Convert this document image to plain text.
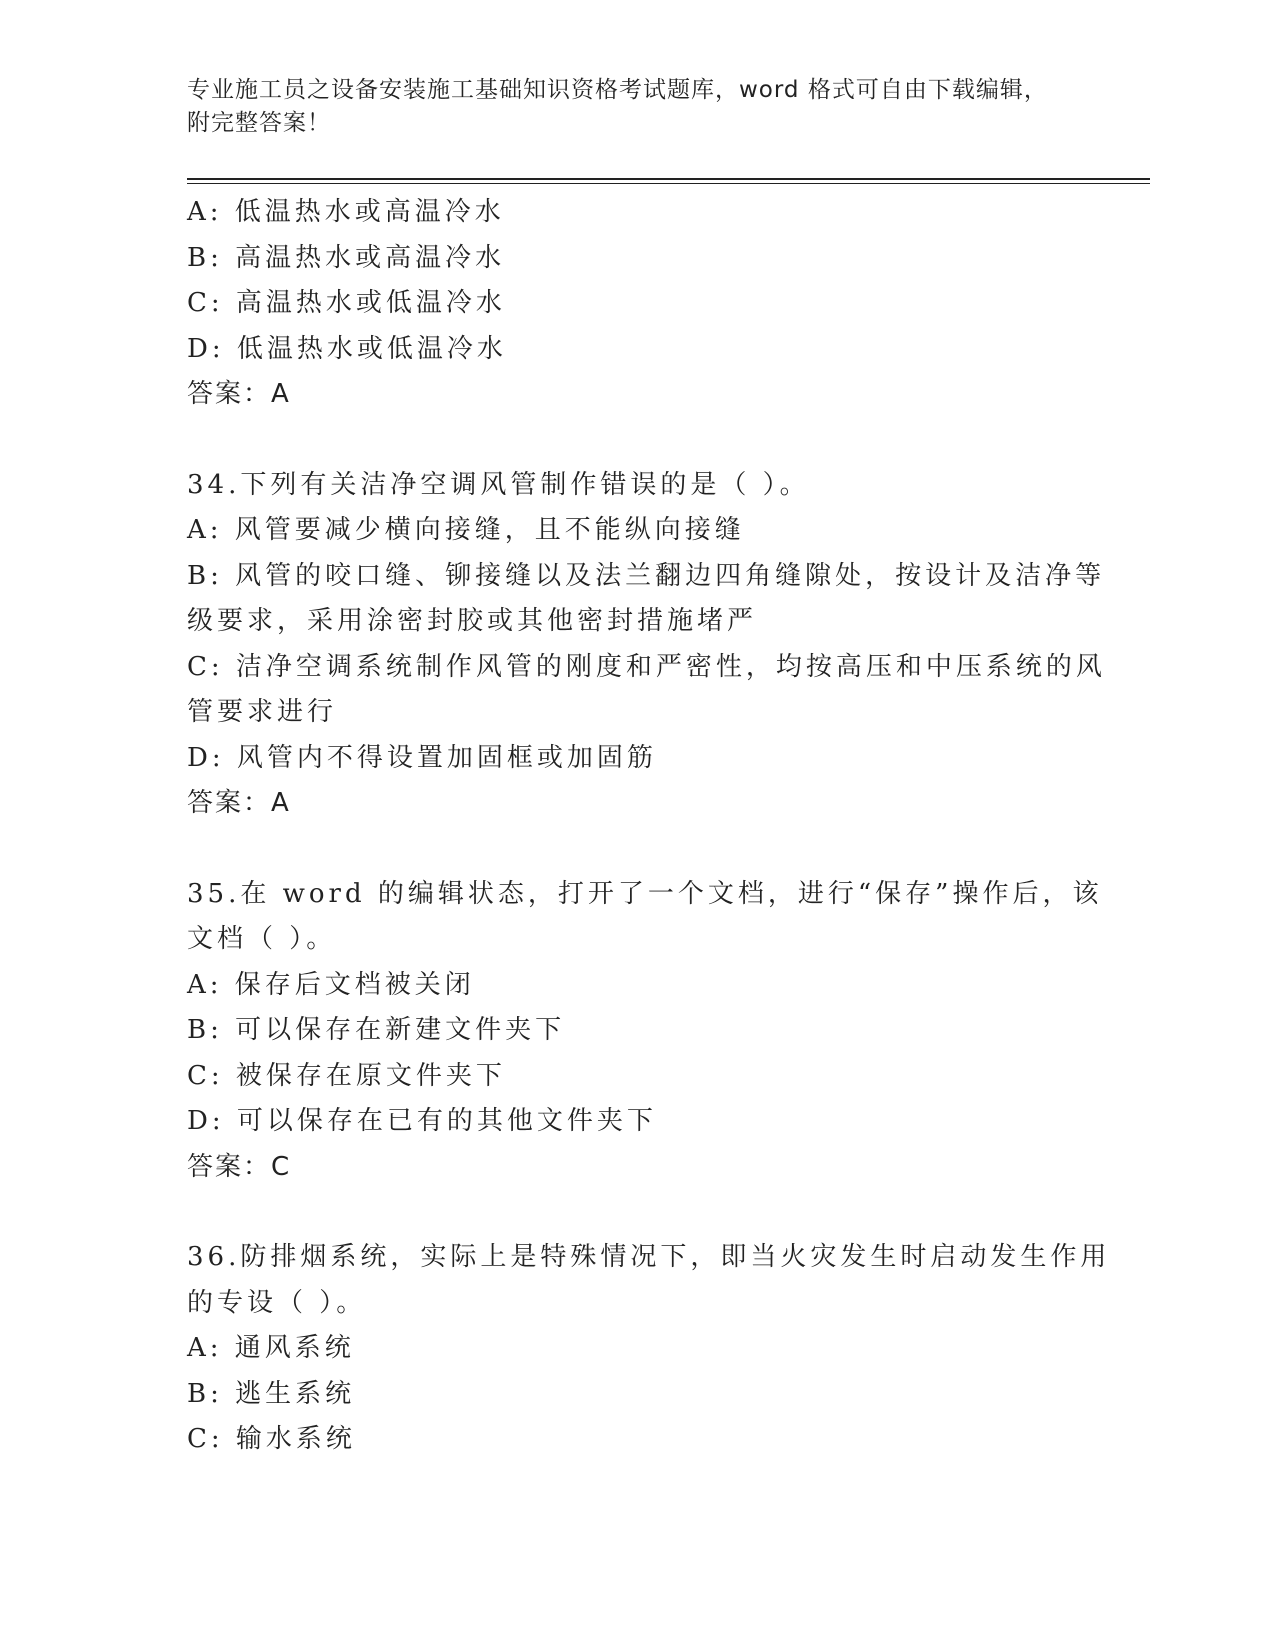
专业施工员之设备安装施工基础知识资格考试题库，word 格式可自由下载编辑，
附完整答案！
A: 低温热水或高温冷水
B: 高温热水或高温冷水
C: 高温热水或低温冷水
D: 低温热水或低温冷水
答案：A
34.下列有关洁净空调风管制作错误的是（ ）。
A: 风管要减少横向接缝，且不能纵向接缝
B: 风管的咬口缝、铆接缝以及法兰翻边四角缝隙处，按设计及洁净等
级要求，采用涂密封胶或其他密封措施堵严
C: 洁净空调系统制作风管的刚度和严密性，均按高压和中压系统的风
管要求进行
D: 风管内不得设置加固框或加固筋
答案：A
35.在 word 的编辑状态，打开了一个文档，进行“保存”操作后，该
文档（ ）。
A: 保存后文档被关闭
B: 可以保存在新建文件夹下
C: 被保存在原文件夹下
D: 可以保存在已有的其他文件夹下
答案：C
36.防排烟系统，实际上是特殊情况下，即当火灾发生时启动发生作用
的专设（ ）。
A: 通风系统
B: 逃生系统
C: 输水系统
